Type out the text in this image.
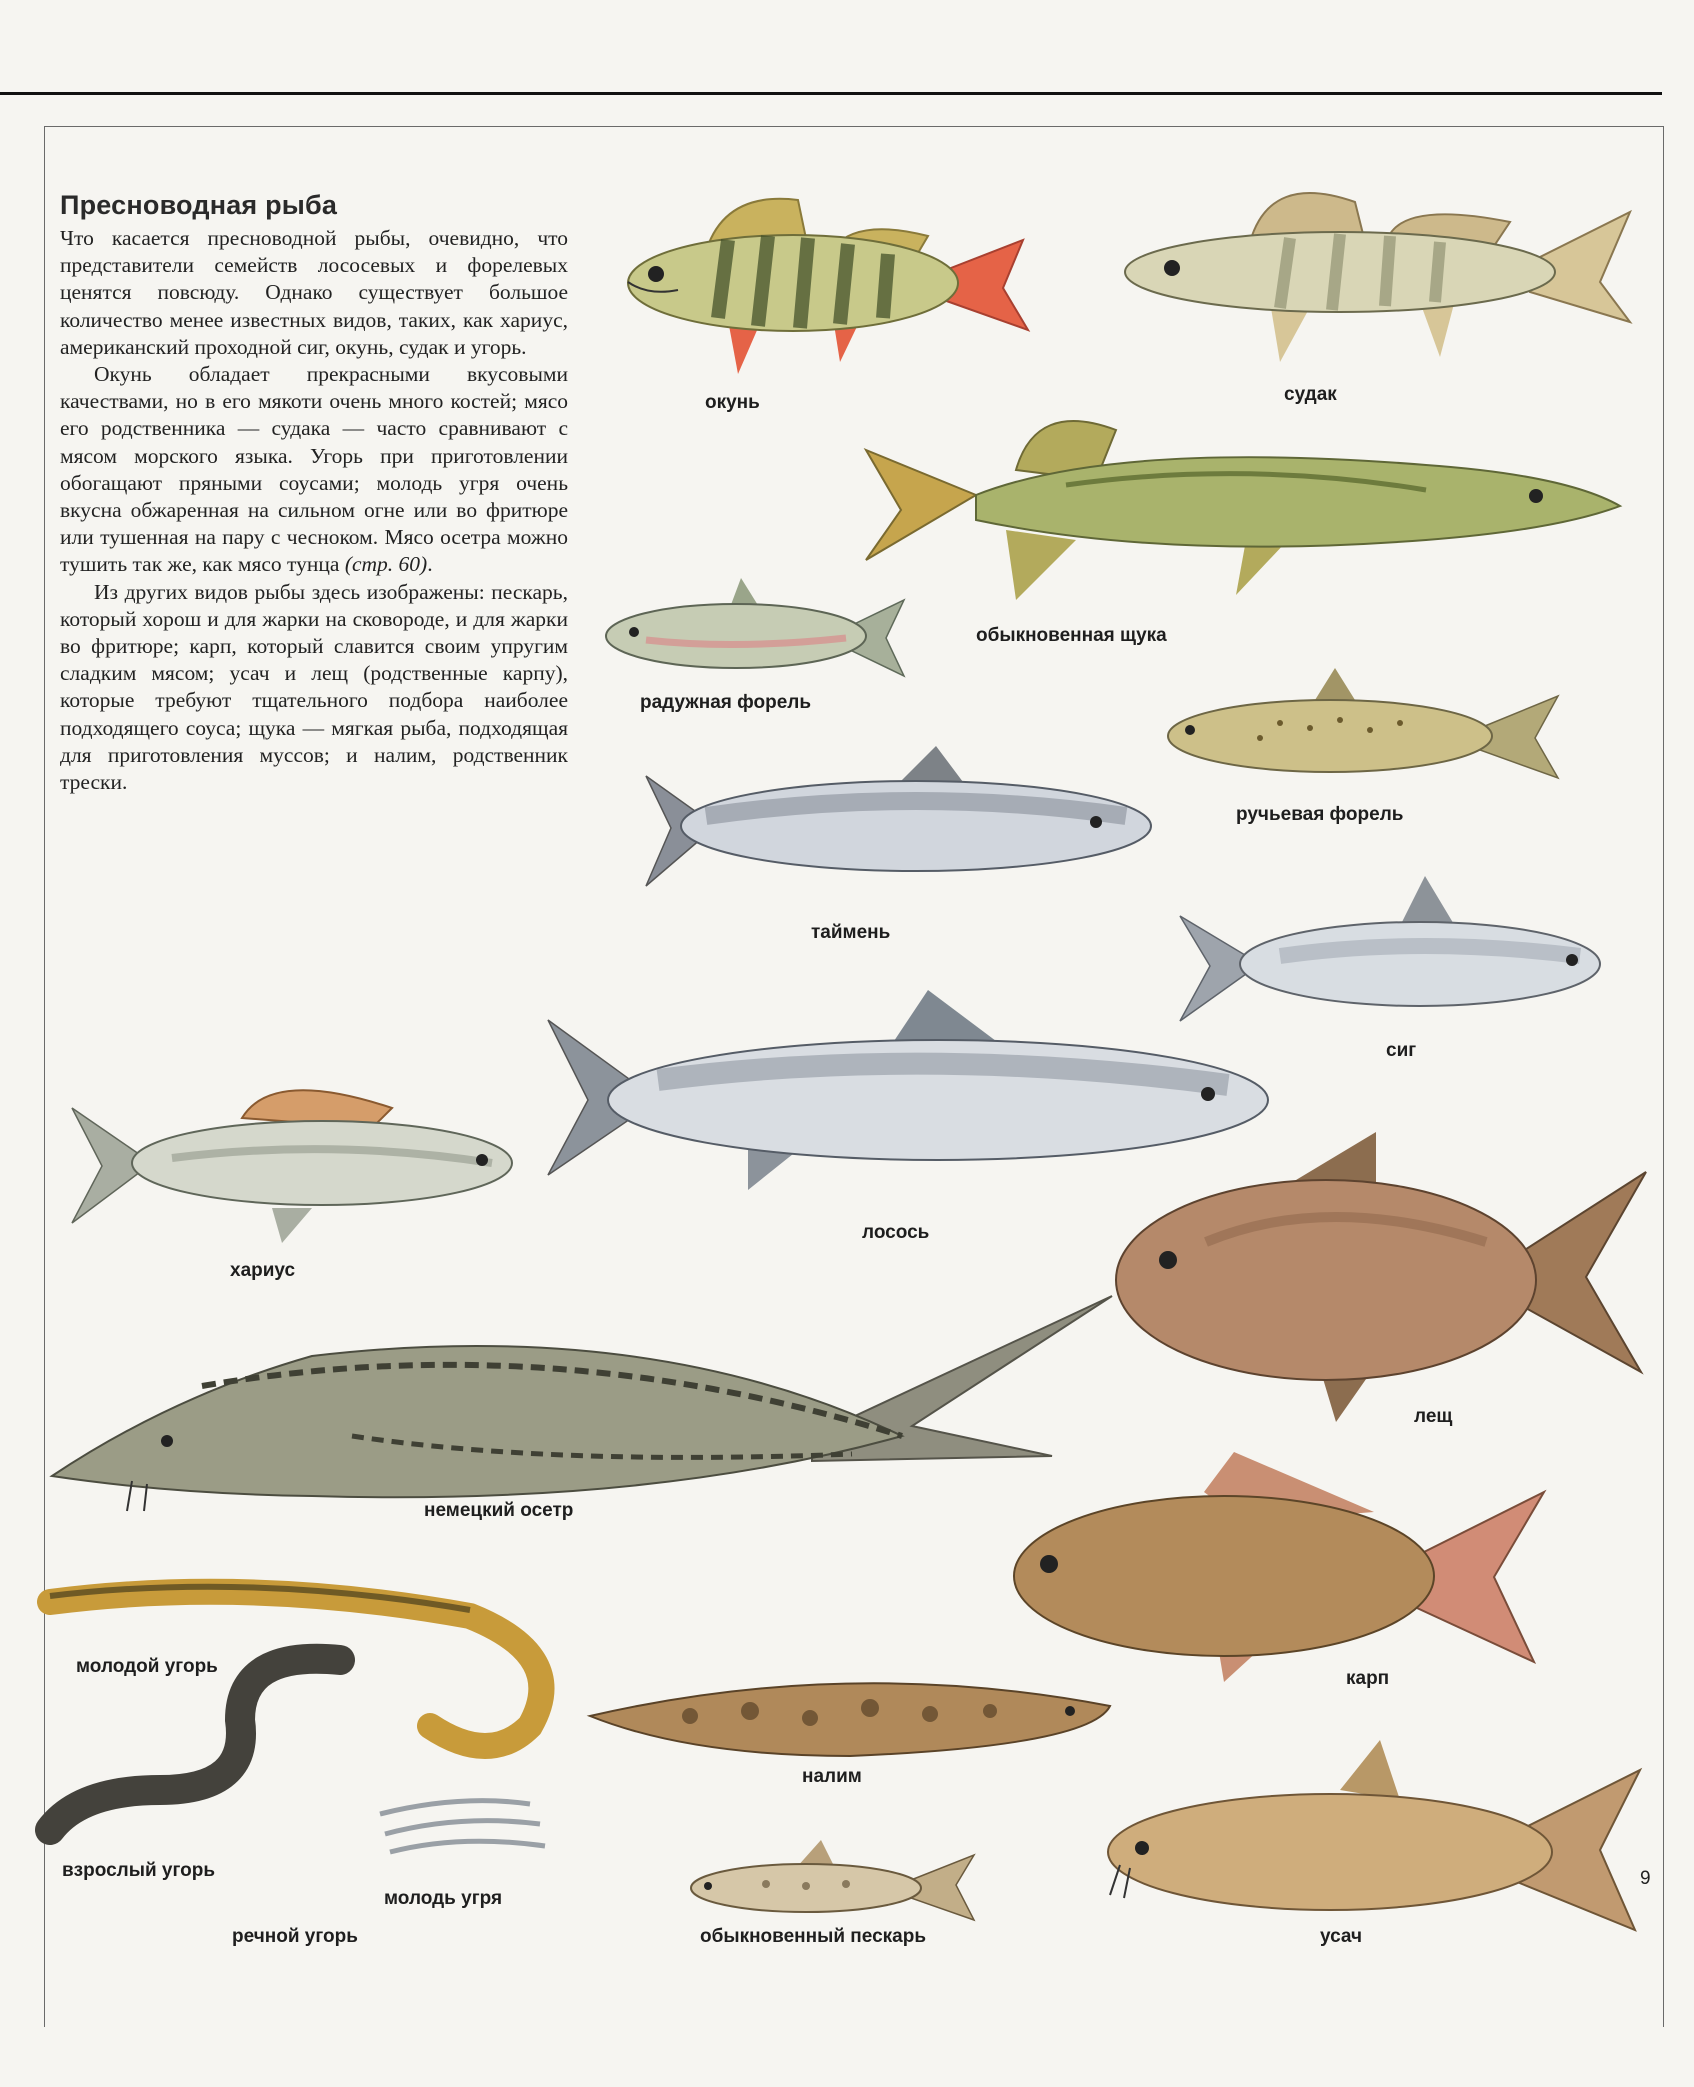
Пресноводная рыба

Что касается пресноводной рыбы, очевидно, что представители семейств лососевых и форелевых ценятся повсюду. Однако существует большое количество менее известных видов, таких, как хариус, американский проходной сиг, окунь, судак и угорь.

Окунь обладает прекрасными вкусовыми качествами, но в его мякоти очень много костей; мясо его родственника — судака — часто сравнивают с мясом морского языка. Угорь при приготовлении обогащают пряными соусами; молодь угря очень вкусна обжаренная на сильном огне или во фритюре или тушенная на пару с чесноком. Мясо осетра можно тушить так же, как мясо тунца (стр. 60).

Из других видов рыбы здесь изображены: пескарь, который хорош и для жарки на сковороде, и для жарки во фритюре; карп, который славится своим упругим сладким мясом; усач и лещ (родственные карпу), которые требуют тщательного подбора наиболее подходящего соуса; щука — мягкая рыба, подходящая для приготовления муссов; и налим, родственник трески.

окунь	судак
обыкновенная щука
радужная форель
ручьевая форель
таймень
сиг
хариус
лосось
лещ
немецкий осетр
карп
молодой угорь
взрослый угорь
молодь угря
речной угорь
налим
обыкновенный пескарь	усач
9
